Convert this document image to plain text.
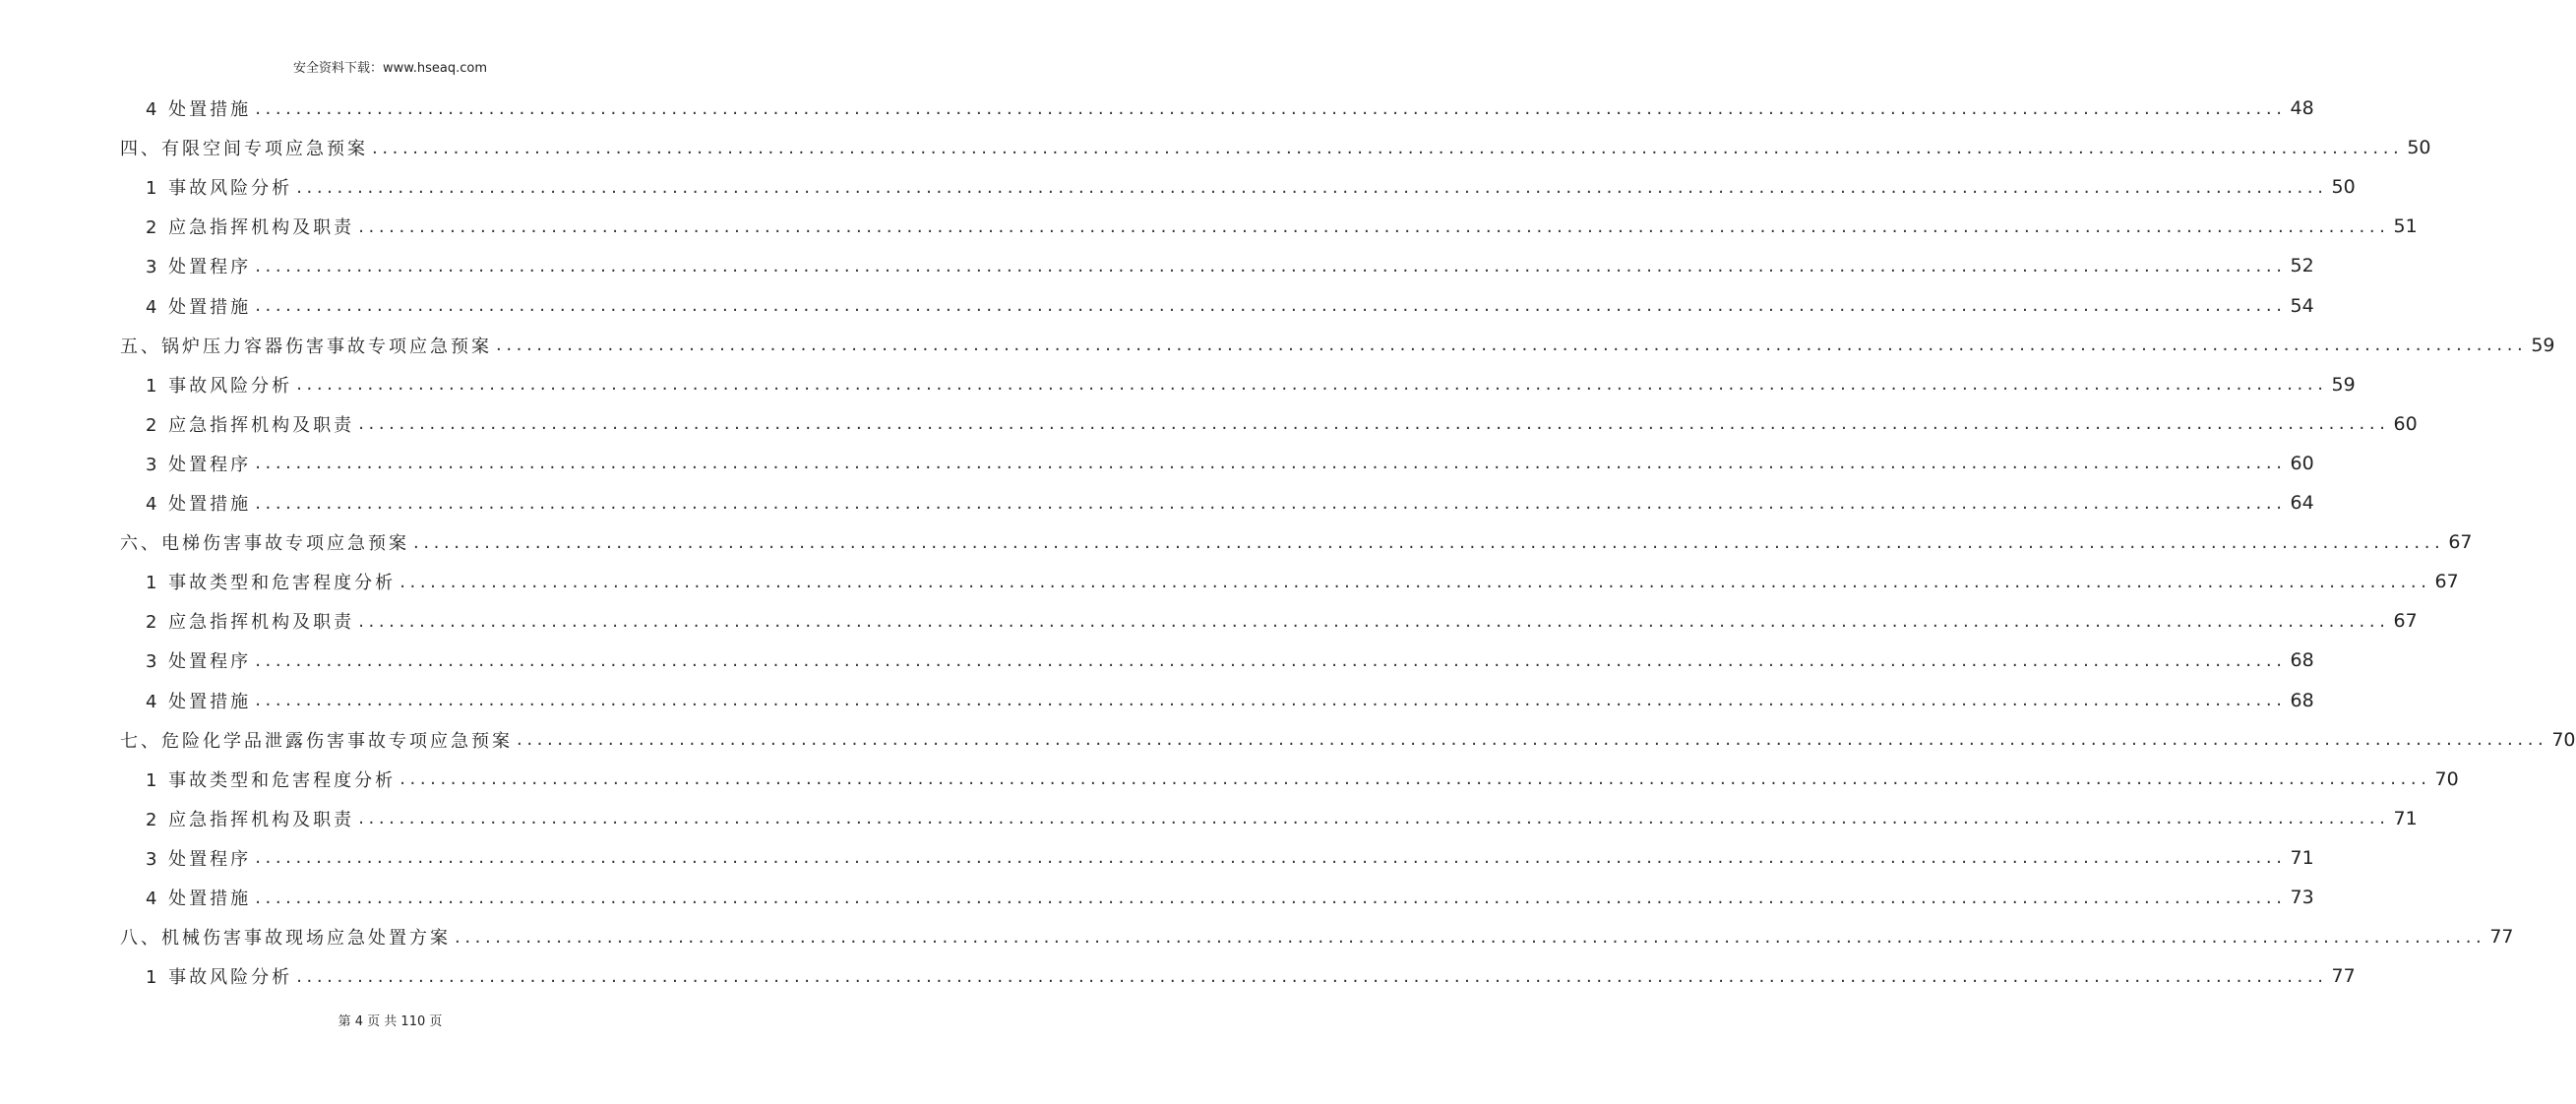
安全资料下载：www.hseaq.com
4 处置措施 ........................................................................................................................................................................................................ 48
四、有限空间专项应急预案 ........................................................................................................................................................................................................ 50
1 事故风险分析 ........................................................................................................................................................................................................ 50
2 应急指挥机构及职责 ........................................................................................................................................................................................................ 51
3 处置程序 ........................................................................................................................................................................................................ 52
4 处置措施 ........................................................................................................................................................................................................ 54
五、锅炉压力容器伤害事故专项应急预案 ........................................................................................................................................................................................................ 59
1 事故风险分析 ........................................................................................................................................................................................................ 59
2 应急指挥机构及职责 ........................................................................................................................................................................................................ 60
3 处置程序 ........................................................................................................................................................................................................ 60
4 处置措施 ........................................................................................................................................................................................................ 64
六、电梯伤害事故专项应急预案 ........................................................................................................................................................................................................ 67
1 事故类型和危害程度分析 ........................................................................................................................................................................................................ 67
2 应急指挥机构及职责 ........................................................................................................................................................................................................ 67
3 处置程序 ........................................................................................................................................................................................................ 68
4 处置措施 ........................................................................................................................................................................................................ 68
七、危险化学品泄露伤害事故专项应急预案 ........................................................................................................................................................................................................ 70
1 事故类型和危害程度分析 ........................................................................................................................................................................................................ 70
2 应急指挥机构及职责 ........................................................................................................................................................................................................ 71
3 处置程序 ........................................................................................................................................................................................................ 71
4 处置措施 ........................................................................................................................................................................................................ 73
八、机械伤害事故现场应急处置方案 ........................................................................................................................................................................................................ 77
1 事故风险分析 ........................................................................................................................................................................................................ 77
第 4 页 共 110 页
